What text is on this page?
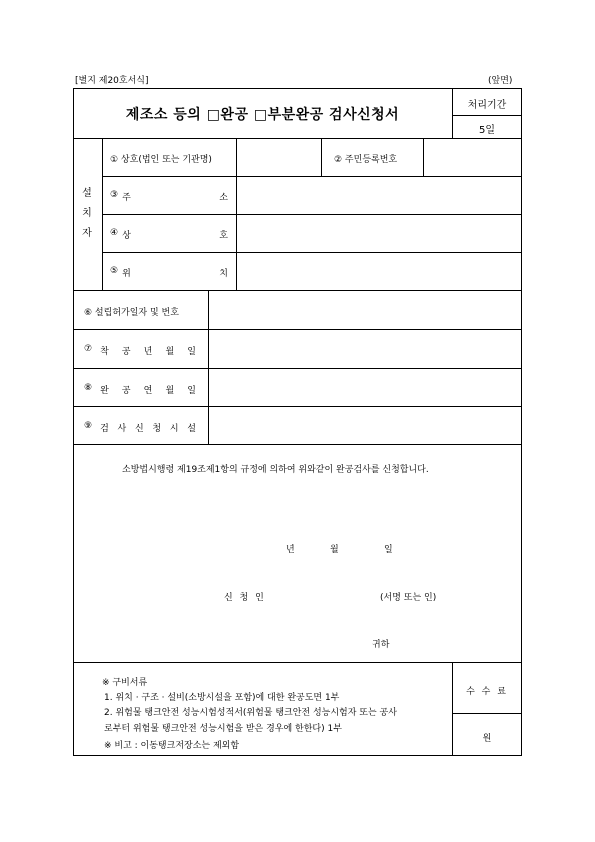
[별지 제20호서식]	(앞면)
제조소 등의 □완공 □부분완공 검사신청서
처리기간
5일
설
치
자
① 상호(법인 또는 기관명)	② 주민등록번호
③ 주	소
④ 상	호
⑤ 위	치
⑥ 설립허가일자 및 번호
⑦ 착 공 년 월 일
⑧ 완 공 연 월 일
⑨ 검 사 신 청 시 설
소방법시행령 제19조제1항의 규정에 의하여 위와같이 완공검사를 신청합니다.
년	월	일
신 청 인	(서명 또는 인)
귀하
※ 구비서류
1. 위치 · 구조 · 설비(소방시설을 포함)에 대한 완공도면 1부
2. 위험물 탱크안전 성능시험성적서(위험물 탱크안전 성능시험자 또는 공사
로부터 위험물 탱크안전 성능시험을 받은 경우에 한한다) 1부
※ 비고 : 이동탱크저장소는 제외함
수 수 료
원
